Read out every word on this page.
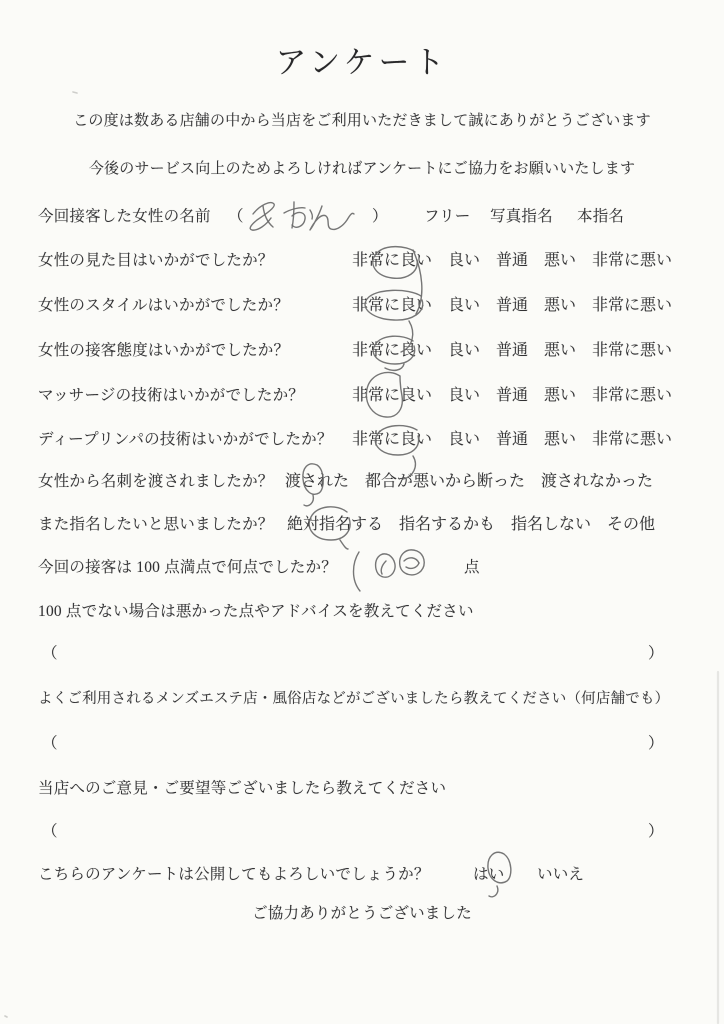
アンケート
この度は数ある店舗の中から当店をご利用いただきまして誠にありがとうございます
今後のサービス向上のためよろしければアンケートにご協力をお願いいたします
今回接客した女性の名前 （	） フリー 写真指名 本指名
女性の見た目はいかがでしたか？	非常に良い　良い　普通　悪い　非常に悪い
女性のスタイルはいかがでしたか？	非常に良い　良い　普通　悪い　非常に悪い
女性の接客態度はいかがでしたか？	非常に良い　良い　普通　悪い　非常に悪い
マッサージの技術はいかがでしたか？	非常に良い　良い　普通　悪い　非常に悪い
ディープリンパの技術はいかがでしたか？ 非常に良い　良い　普通　悪い　非常に悪い
女性から名刺を渡されましたか？ 渡された　都合が悪いから断った　渡されなかった
また指名したいと思いましたか？ 絶対指名する　指名するかも　指名しない　その他
今回の接客は 100 点満点で何点でしたか？	点
100 点でない場合は悪かった点やアドバイスを教えてください
（	）
よくご利用されるメンズエステ店・風俗店などがございましたら教えてください（何店舗でも）
（	）
当店へのご意見・ご要望等ございましたら教えてください
（	）
こちらのアンケートは公開してもよろしいでしょうか？	はい いいえ
ご協力ありがとうございました
